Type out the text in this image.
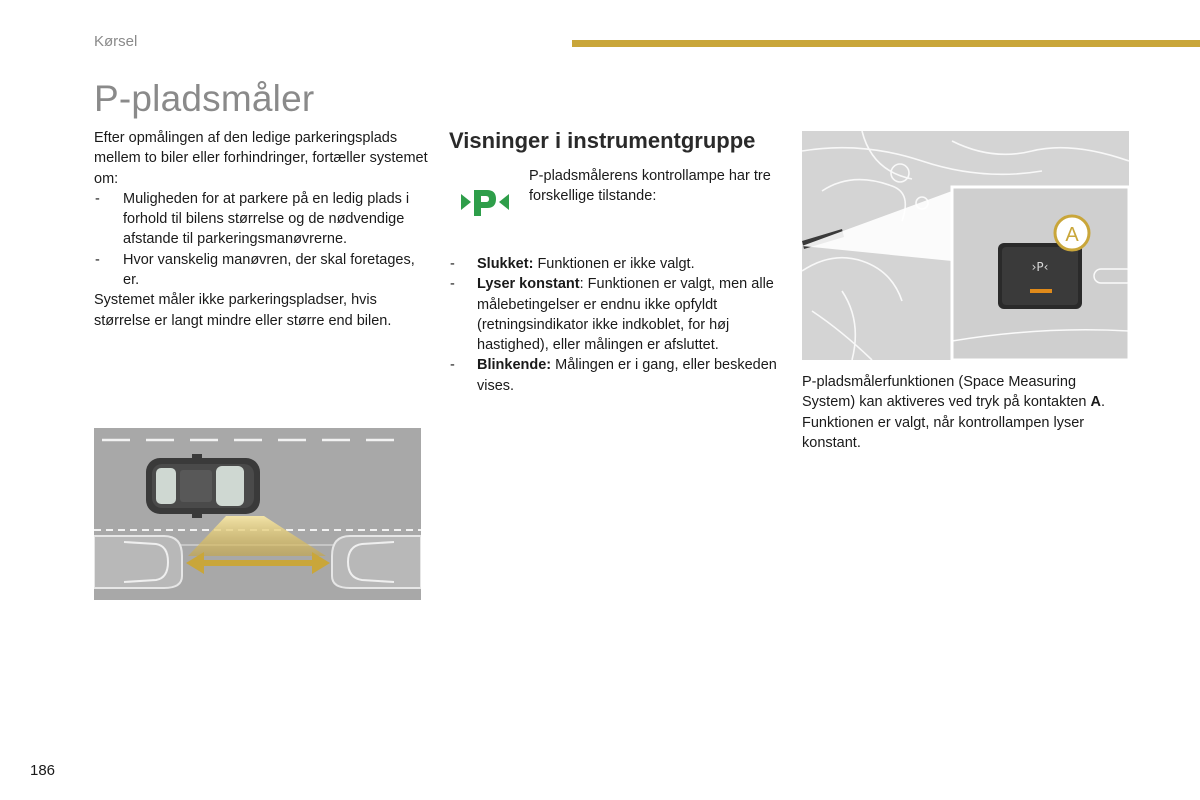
Kørsel
P-pladsmåler

Efter opmålingen af den ledige parkeringsplads mellem to biler eller forhindringer, fortæller systemet om:

- Muligheden for at parkere på en ledig plads i forhold til bilens størrelse og de nødvendige afstande til parkeringsmanøvrerne.
- Hvor vanskelig manøvren, der skal foretages, er.

Systemet måler ikke parkeringspladser, hvis størrelse er langt mindre eller større end bilen.

Visninger i instrumentgruppe
P-pladsmålerens kontrollampe har tre forskellige tilstande:
- Slukket: Funktionen er ikke valgt.
- Lyser konstant: Funktionen er valgt, men alle målebetingelser er endnu ikke opfyldt (retningsindikator ikke indkoblet, for høj hastighed), eller målingen er afsluttet.
- Blinkende: Målingen er i gang, eller beskeden vises.
›P‹
A
P-pladsmålerfunktionen (Space Measuring System) kan aktiveres ved tryk på kontakten A. Funktionen er valgt, når kontrollampen lyser konstant.
186
